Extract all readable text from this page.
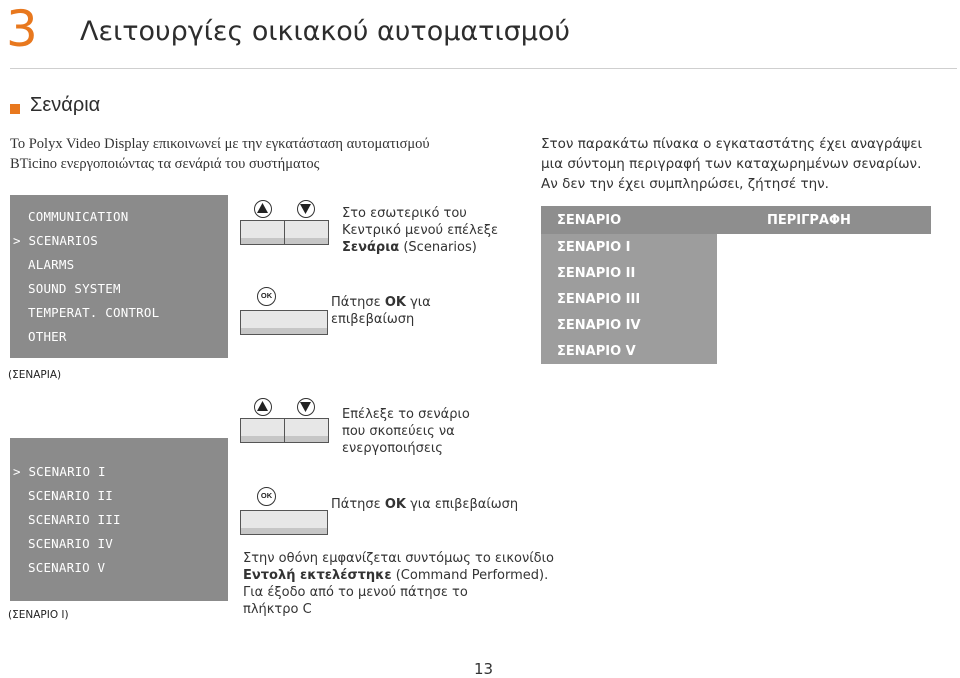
3 Λειτουργίες οικιακού αυτοματισμού
Σενάρια
Το Polyx Video Display επικοινωνεί με την εγκατάσταση αυτοματισμού
BTicino ενεργοποιώντας τα σενάριά του συστήματος
Στον παρακάτω πίνακα ο εγκαταστάτης έχει αναγράψει
μια σύντομη περιγραφή των καταχωρημένων σεναρίων.
Αν δεν την έχει συμπληρώσει, ζήτησέ την.
COMMUNICATION
> SCENARIOS
ALARMS
SOUND SYSTEM
TEMPERAT. CONTROL
OTHER
(ΣΕΝΑΡΙΑ)
Στο εσωτερικό του
Κεντρικό μενού επέλεξε
Σενάρια (Scenarios)
OK	Πάτησε OK για
επιβεβαίωση
ΣΕΝΑΡΙΟ	ΠΕΡΙΓΡΑΦΗ
ΣΕΝΑΡΙΟ I	
ΣΕΝΑΡΙΟ II	
ΣΕΝΑΡΙΟ III	
ΣΕΝΑΡΙΟ IV	
ΣΕΝΑΡΙΟ V	
> SCENARIO I
SCENARIO II
SCENARIO III
SCENARIO IV
SCENARIO V
(ΣΕΝΑΡΙΟ I)
Επέλεξε το σενάριο
που σκοπεύεις να
ενεργοποιήσεις
OK
Πάτησε OK για επιβεβαίωση
Στην οθόνη εμφανίζεται συντόμως το εικονίδιο
Εντολή εκτελέστηκε (Command Performed).
Για έξοδο από το μενού πάτησε το
πλήκτρο C
13
